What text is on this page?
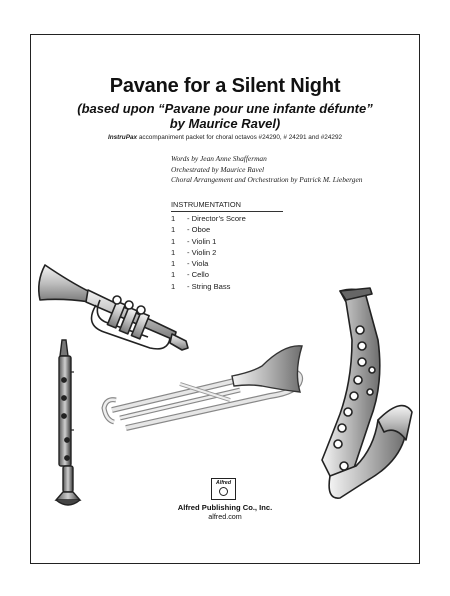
Pavane for a Silent Night
(based upon “Pavane pour une infante défunte”
by Maurice Ravel)
InstruPax accompaniment packet for choral octavos #24290, # 24291 and #24292
Words by Jean Anne Shafferman
Orchestrated by Maurice Ravel
Choral Arrangement and Orchestration by Patrick M. Liebergen
INSTRUMENTATION
1 - Director’s Score
1 - Oboe
1 - Violin 1
1 - Violin 2
1 - Viola
1 - Cello
1 - String Bass
Alfred
Alfred Publishing Co., Inc.
alfred.com
